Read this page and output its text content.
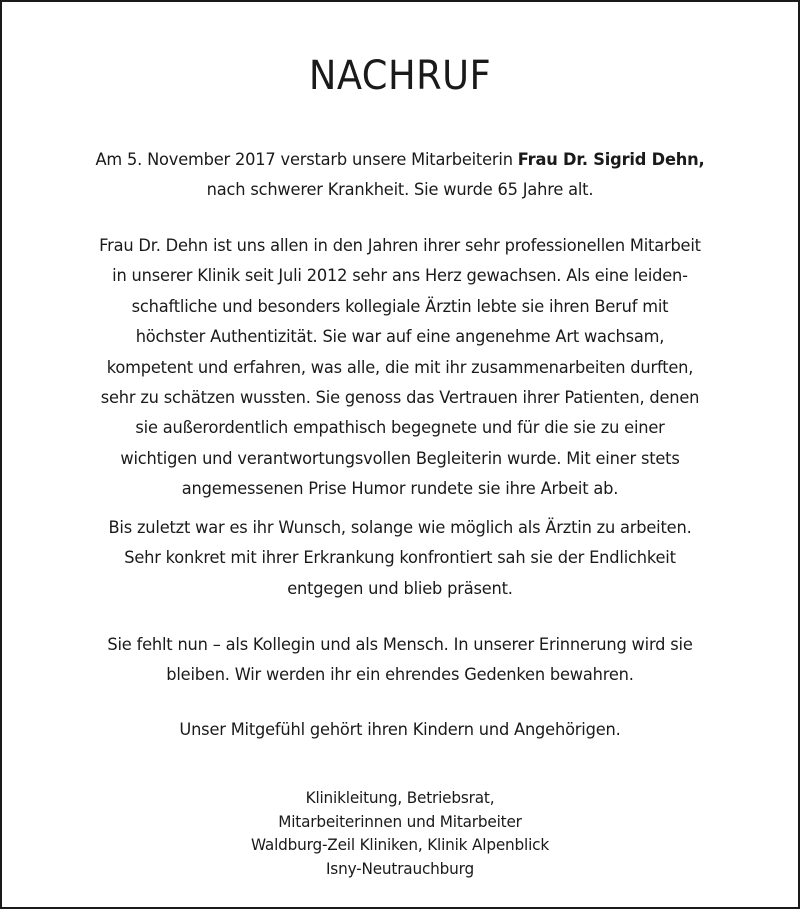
NACHRUF
Am 5. November 2017 verstarb unsere Mitarbeiterin Frau Dr. Sigrid Dehn,
nach schwerer Krankheit. Sie wurde 65 Jahre alt.
Frau Dr. Dehn ist uns allen in den Jahren ihrer sehr professionellen Mitarbeit
in unserer Klinik seit Juli 2012 sehr ans Herz gewachsen. Als eine leiden-
schaftliche und besonders kollegiale Ärztin lebte sie ihren Beruf mit
höchster Authentizität. Sie war auf eine angenehme Art wachsam,
kompetent und erfahren, was alle, die mit ihr zusammenarbeiten durften,
sehr zu schätzen wussten. Sie genoss das Vertrauen ihrer Patienten, denen
sie außerordentlich empathisch begegnete und für die sie zu einer
wichtigen und verantwortungsvollen Begleiterin wurde. Mit einer stets
angemessenen Prise Humor rundete sie ihre Arbeit ab.
Bis zuletzt war es ihr Wunsch, solange wie möglich als Ärztin zu arbeiten.
Sehr konkret mit ihrer Erkrankung konfrontiert sah sie der Endlichkeit
entgegen und blieb präsent.
Sie fehlt nun – als Kollegin und als Mensch. In unserer Erinnerung wird sie
bleiben. Wir werden ihr ein ehrendes Gedenken bewahren.
Unser Mitgefühl gehört ihren Kindern und Angehörigen.
Klinikleitung, Betriebsrat,
Mitarbeiterinnen und Mitarbeiter
Waldburg-Zeil Kliniken, Klinik Alpenblick
Isny-Neutrauchburg
